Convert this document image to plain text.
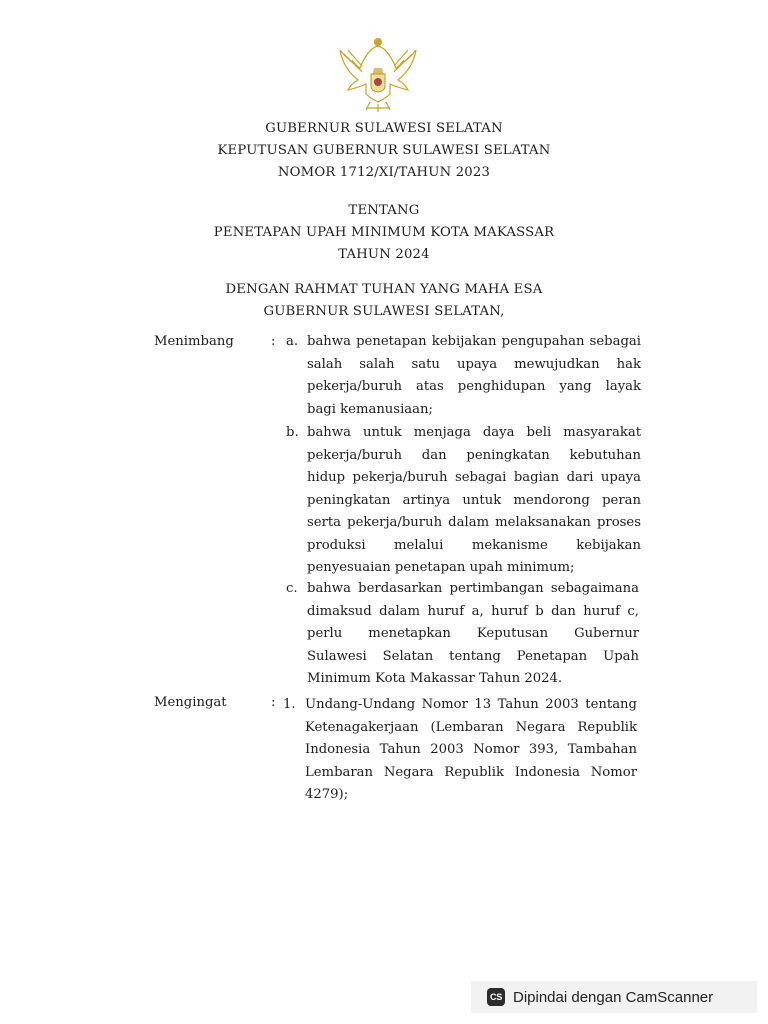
GUBERNUR SULAWESI SELATAN
KEPUTUSAN GUBERNUR SULAWESI SELATAN
NOMOR 1712/XI/TAHUN 2023
TENTANG
PENETAPAN UPAH MINIMUM KOTA MAKASSAR
TAHUN 2024
DENGAN RAHMAT TUHAN YANG MAHA ESA
GUBERNUR SULAWESI SELATAN,
Menimbang	: a. bahwa penetapan kebijakan pengupahan sebagai
salah salah satu upaya mewujudkan hak
pekerja/buruh atas penghidupan yang layak
bagi kemanusiaan;
b. bahwa untuk menjaga daya beli masyarakat
pekerja/buruh dan peningkatan kebutuhan
hidup pekerja/buruh sebagai bagian dari upaya
peningkatan artinya untuk mendorong peran
serta pekerja/buruh dalam melaksanakan proses
produksi melalui mekanisme kebijakan
penyesuaian penetapan upah minimum;
c. bahwa berdasarkan pertimbangan sebagaimana
dimaksud dalam huruf a, huruf b dan huruf c,
perlu menetapkan Keputusan Gubernur
Sulawesi Selatan tentang Penetapan Upah
Minimum Kota Makassar Tahun 2024.
Mengingat	: 1. Undang-Undang Nomor 13 Tahun 2003 tentang
Ketenagakerjaan (Lembaran Negara Republik
Indonesia Tahun 2003 Nomor 393, Tambahan
Lembaran Negara Republik Indonesia Nomor
4279);
CS Dipindai dengan CamScanner
